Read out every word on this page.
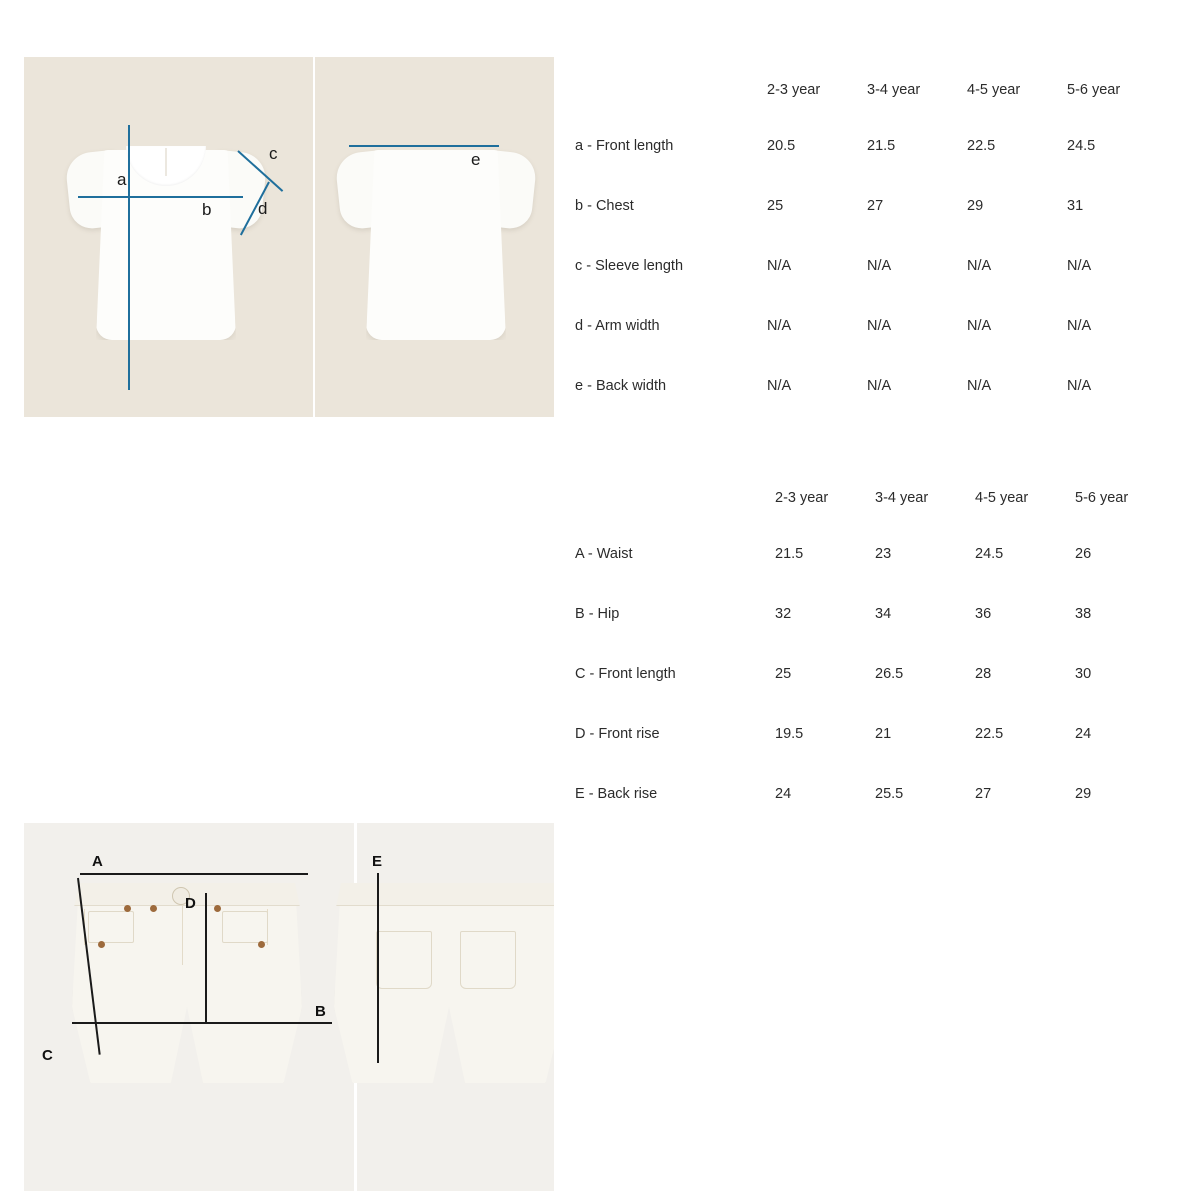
a
b
c
d
e
	2-3 year	3-4 year	4-5 year	5-6 year
a - Front length	20.5	21.5	22.5	24.5
b - Chest	25	27	29	31
c - Sleeve length	N/A	N/A	N/A	N/A
d - Arm width	N/A	N/A	N/A	N/A
e - Back width	N/A	N/A	N/A	N/A
A
C
B
D
E
	2-3 year	3-4 year	4-5 year	5-6 year
A - Waist	21.5	23	24.5	26
B - Hip	32	34	36	38
C - Front length	25	26.5	28	30
D - Front rise	19.5	21	22.5	24
E - Back rise	24	25.5	27	29
